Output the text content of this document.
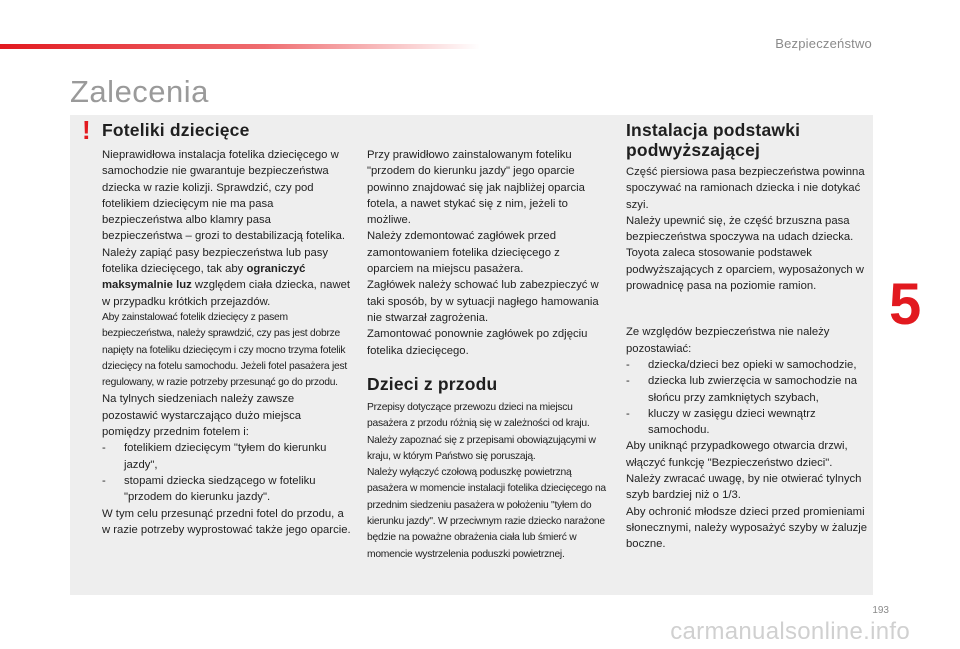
Bezpieczeństwo
Zalecenia
! Foteliki dziecięce

Nieprawidłowa instalacja fotelika dziecięcego w samochodzie nie gwarantuje bezpieczeństwa dziecka w razie kolizji. Sprawdzić, czy pod fotelikiem dziecięcym nie ma pasa bezpieczeństwa albo klamry pasa bezpieczeństwa – grozi to destabilizacją fotelika.

Należy zapiąć pasy bezpieczeństwa lub pasy fotelika dziecięcego, tak aby ograniczyć maksymalnie luz względem ciała dziecka, nawet w przypadku krótkich przejazdów.

Aby zainstalować fotelik dziecięcy z pasem bezpieczeństwa, należy sprawdzić, czy pas jest dobrze napięty na foteliku dziecięcym i czy mocno trzyma fotelik dziecięcy na fotelu samochodu. Jeżeli fotel pasażera jest regulowany, w razie potrzeby przesunąć go do przodu.

Na tylnych siedzeniach należy zawsze pozostawić wystarczająco dużo miejsca pomiędzy przednim fotelem i:

- fotelikiem dziecięcym "tyłem do kierunku jazdy",
- stopami dziecka siedzącego w foteliku "przodem do kierunku jazdy".

W tym celu przesunąć przedni fotel do przodu, a w razie potrzeby wyprostować także jego oparcie.

Przy prawidłowo zainstalowanym foteliku "przodem do kierunku jazdy" jego oparcie powinno znajdować się jak najbliżej oparcia fotela, a nawet stykać się z nim, jeżeli to możliwe.

Należy zdemontować zagłówek przed zamontowaniem fotelika dziecięcego z oparciem na miejscu pasażera.

Zagłówek należy schować lub zabezpieczyć w taki sposób, by w sytuacji nagłego hamowania nie stwarzał zagrożenia.

Zamontować ponownie zagłówek po zdjęciu fotelika dziecięcego.

Dzieci z przodu

Przepisy dotyczące przewozu dzieci na miejscu pasażera z przodu różnią się w zależności od kraju. Należy zapoznać się z przepisami obowiązującymi w kraju, w którym Państwo się poruszają.

Należy wyłączyć czołową poduszkę powietrzną pasażera w momencie instalacji fotelika dziecięcego na przednim siedzeniu pasażera w położeniu "tyłem do kierunku jazdy". W przeciwnym razie dziecko narażone będzie na poważne obrażenia ciała lub śmierć w momencie wystrzelenia poduszki powietrznej.

Instalacja podstawki podwyższającej

Część piersiowa pasa bezpieczeństwa powinna spoczywać na ramionach dziecka i nie dotykać szyi.

Należy upewnić się, że część brzuszna pasa bezpieczeństwa spoczywa na udach dziecka.

Toyota zaleca stosowanie podstawek podwyższających z oparciem, wyposażonych w prowadnicę pasa na poziomie ramion.

Ze względów bezpieczeństwa nie należy pozostawiać:

- dziecka/dzieci bez opieki w samochodzie,
- dziecka lub zwierzęcia w samochodzie na słońcu przy zamkniętych szybach,
- kluczy w zasięgu dzieci wewnątrz samochodu.

Aby uniknąć przypadkowego otwarcia drzwi, włączyć funkcję "Bezpieczeństwo dzieci".

Należy zwracać uwagę, by nie otwierać tylnych szyb bardziej niż o 1/3.

Aby ochronić młodsze dzieci przed promieniami słonecznymi, należy wyposażyć szyby w żaluzje boczne.

5
193
carmanualsonline.info
